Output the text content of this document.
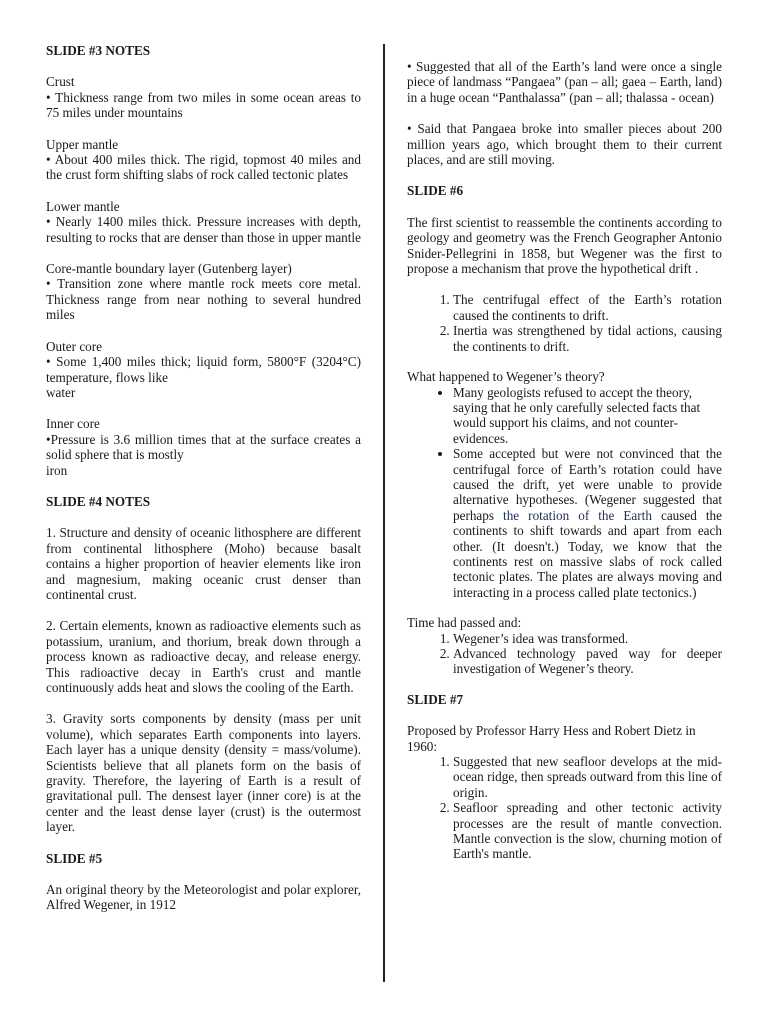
SLIDE #3 NOTES

Crust
• Thickness range from two miles in some ocean areas to 75 miles under mountains

Upper mantle
• About 400 miles thick. The rigid, topmost 40 miles and the crust form shifting slabs of rock called tectonic plates

Lower mantle
• Nearly 1400 miles thick. Pressure increases with depth, resulting to rocks that are denser than those in upper mantle

Core-mantle boundary layer (Gutenberg layer)
• Transition zone where mantle rock meets core metal. Thickness range from near nothing to several hundred miles

Outer core
• Some 1,400 miles thick; liquid form, 5800°F (3204°C) temperature, flows like
water

Inner core
•Pressure is 3.6 million times that at the surface creates a solid sphere that is mostly
iron

SLIDE #4 NOTES

1. Structure and density of oceanic lithosphere are different from continental lithosphere (Moho) because basalt contains a higher proportion of heavier elements like iron and magnesium, making oceanic crust denser than continental crust.

2. Certain elements, known as radioactive elements such as potassium, uranium, and thorium, break down through a process known as radioactive decay, and release energy. This radioactive decay in Earth's crust and mantle continuously adds heat and slows the cooling of the Earth.

3. Gravity sorts components by density (mass per unit volume), which separates Earth components into layers. Each layer has a unique density (density = mass/volume). Scientists believe that all planets form on the basis of gravity. Therefore, the layering of Earth is a result of gravitational pull. The densest layer (inner core) is at the center and the least dense layer (crust) is the outermost layer.

SLIDE #5

An original theory by the Meteorologist and polar explorer, Alfred Wegener, in 1912

• Suggested that all of the Earth’s land were once a single piece of landmass “Pangaea” (pan – all; gaea – Earth, land) in a huge ocean “Panthalassa” (pan – all; thalassa - ocean)

• Said that Pangaea broke into smaller pieces about 200 million years ago, which brought them to their current places, and are still moving.

SLIDE #6

The first scientist to reassemble the continents according to geology and geometry was the French Geographer Antonio Snider-Pellegrini in 1858, but Wegener was the first to propose a mechanism that prove the hypothetical drift .

1. The centrifugal effect of the Earth’s rotation caused the continents to drift.
2. Inertia was strengthened by tidal actions, causing the continents to drift.
What happened to Wegener’s theory?
• Many geologists refused to accept the theory, saying that he only carefully selected facts that would support his claims, and not counter-evidences.
• Some accepted but were not convinced that the centrifugal force of Earth’s rotation could have caused the drift, yet were unable to provide alternative hypotheses. (Wegener suggested that perhaps the rotation of the Earth caused the continents to shift towards and apart from each other. (It doesn't.) Today, we know that the continents rest on massive slabs of rock called tectonic plates. The plates are always moving and interacting in a process called plate tectonics.)
Time had passed and:
1. Wegener’s idea was transformed.
2. Advanced technology paved way for deeper investigation of Wegener’s theory.

SLIDE #7

Proposed by Professor Harry Hess and Robert Dietz in 1960:
1. Suggested that new seafloor develops at the mid-ocean ridge, then spreads outward from this line of origin.
2. Seafloor spreading and other tectonic activity processes are the result of mantle convection. Mantle convection is the slow, churning motion of Earth's mantle.
